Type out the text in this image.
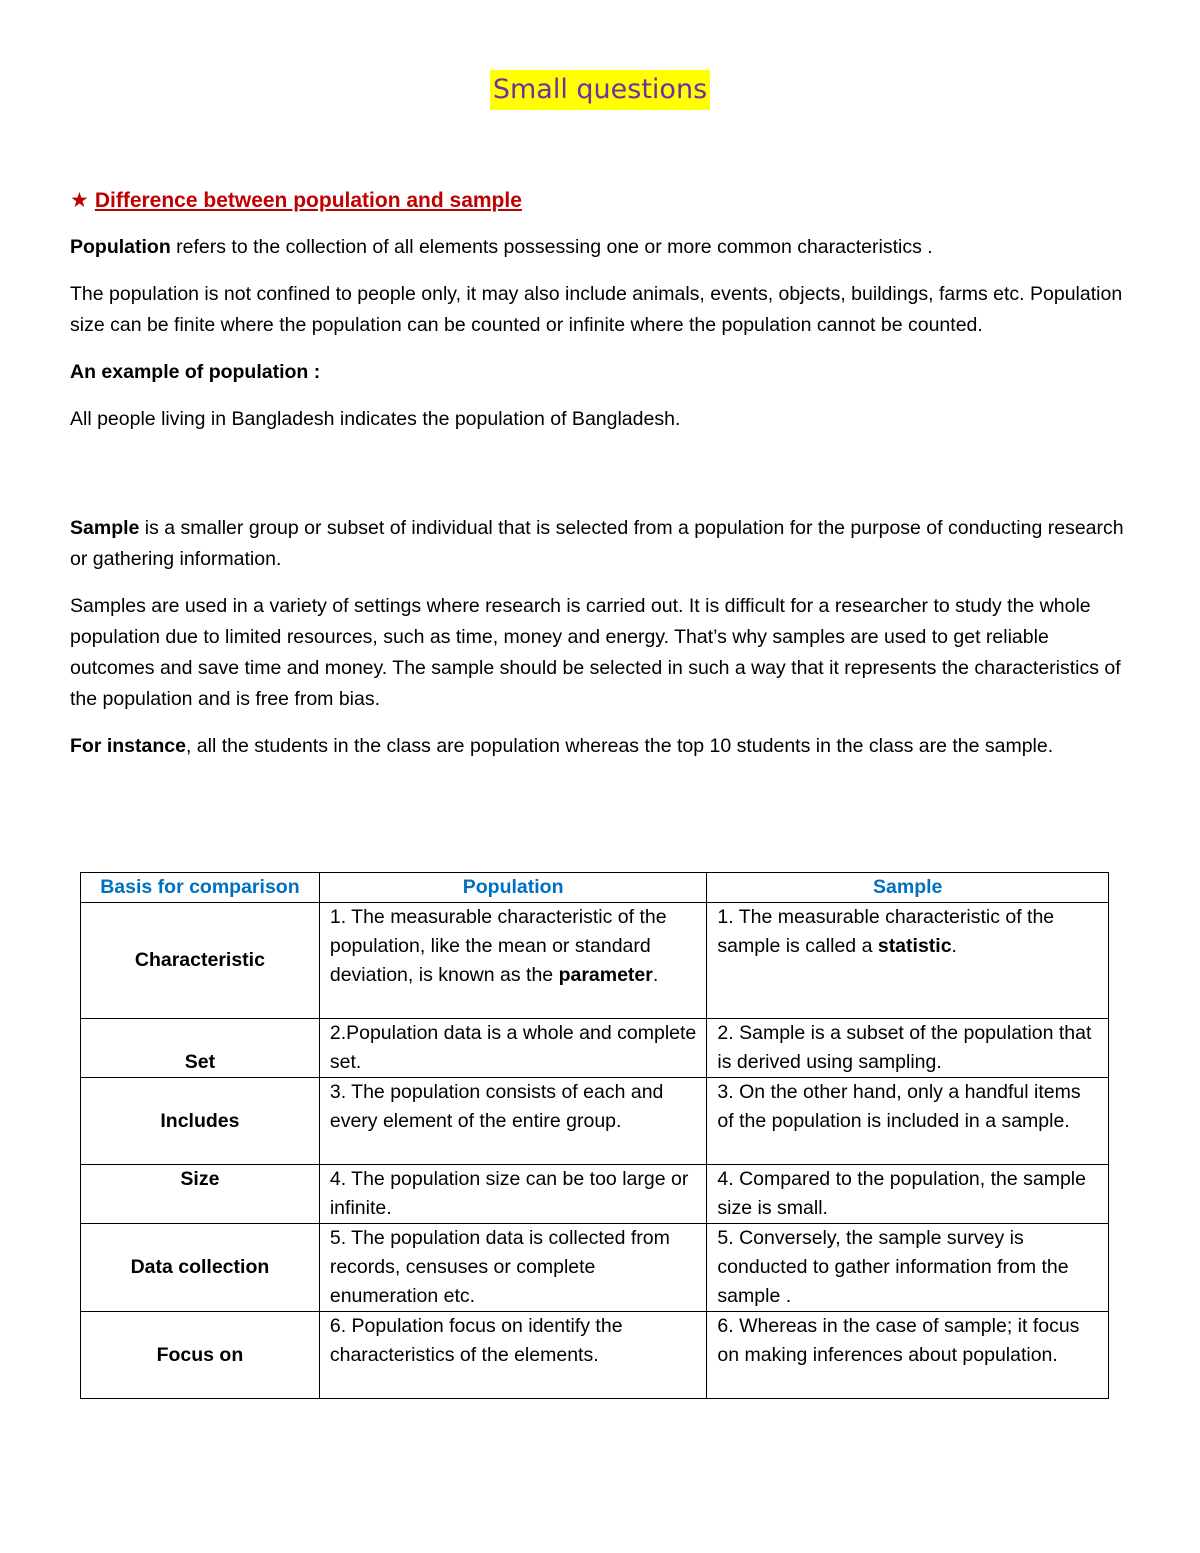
Small questions
★ Difference between population and sample

Population refers to the collection of all elements possessing one or more common characteristics .

The population is not confined to people only, it may also include animals, events, objects, buildings, farms etc. Population size can be finite where the population can be counted or infinite where the population cannot be counted.

An example of population :

All people living in Bangladesh indicates the population of Bangladesh.

Sample is a smaller group or subset of individual that is selected from a population for the purpose of conducting research or gathering information.

Samples are used in a variety of settings where research is carried out. It is difficult for a researcher to study the whole population due to limited resources, such as time, money and energy. That’s why samples are used to get reliable outcomes and save time and money. The sample should be selected in such a way that it represents the characteristics of the population and is free from bias.

For instance, all the students in the class are population whereas the top 10 students in the class are the sample.

Basis for comparison	Population	Sample
Characteristic	1. The measurable characteristic of the population, like the mean or standard deviation, is known as the parameter.	1. The measurable characteristic of the sample is called a statistic.
Set	2.Population data is a whole and complete set.	2. Sample is a subset of the population that is derived using sampling.
Includes	3. The population consists of each and every element of the entire group.	3. On the other hand, only a handful items of the population is included in a sample.
Size	4. The population size can be too large or infinite.	4. Compared to the population, the sample size is small.
Data collection	5. The population data is collected from records, censuses or complete enumeration etc.	5. Conversely, the sample survey is conducted to gather information from the sample .
Focus on	6. Population focus on identify the characteristics of the elements.	6. Whereas in the case of sample; it focus on making inferences about population.
